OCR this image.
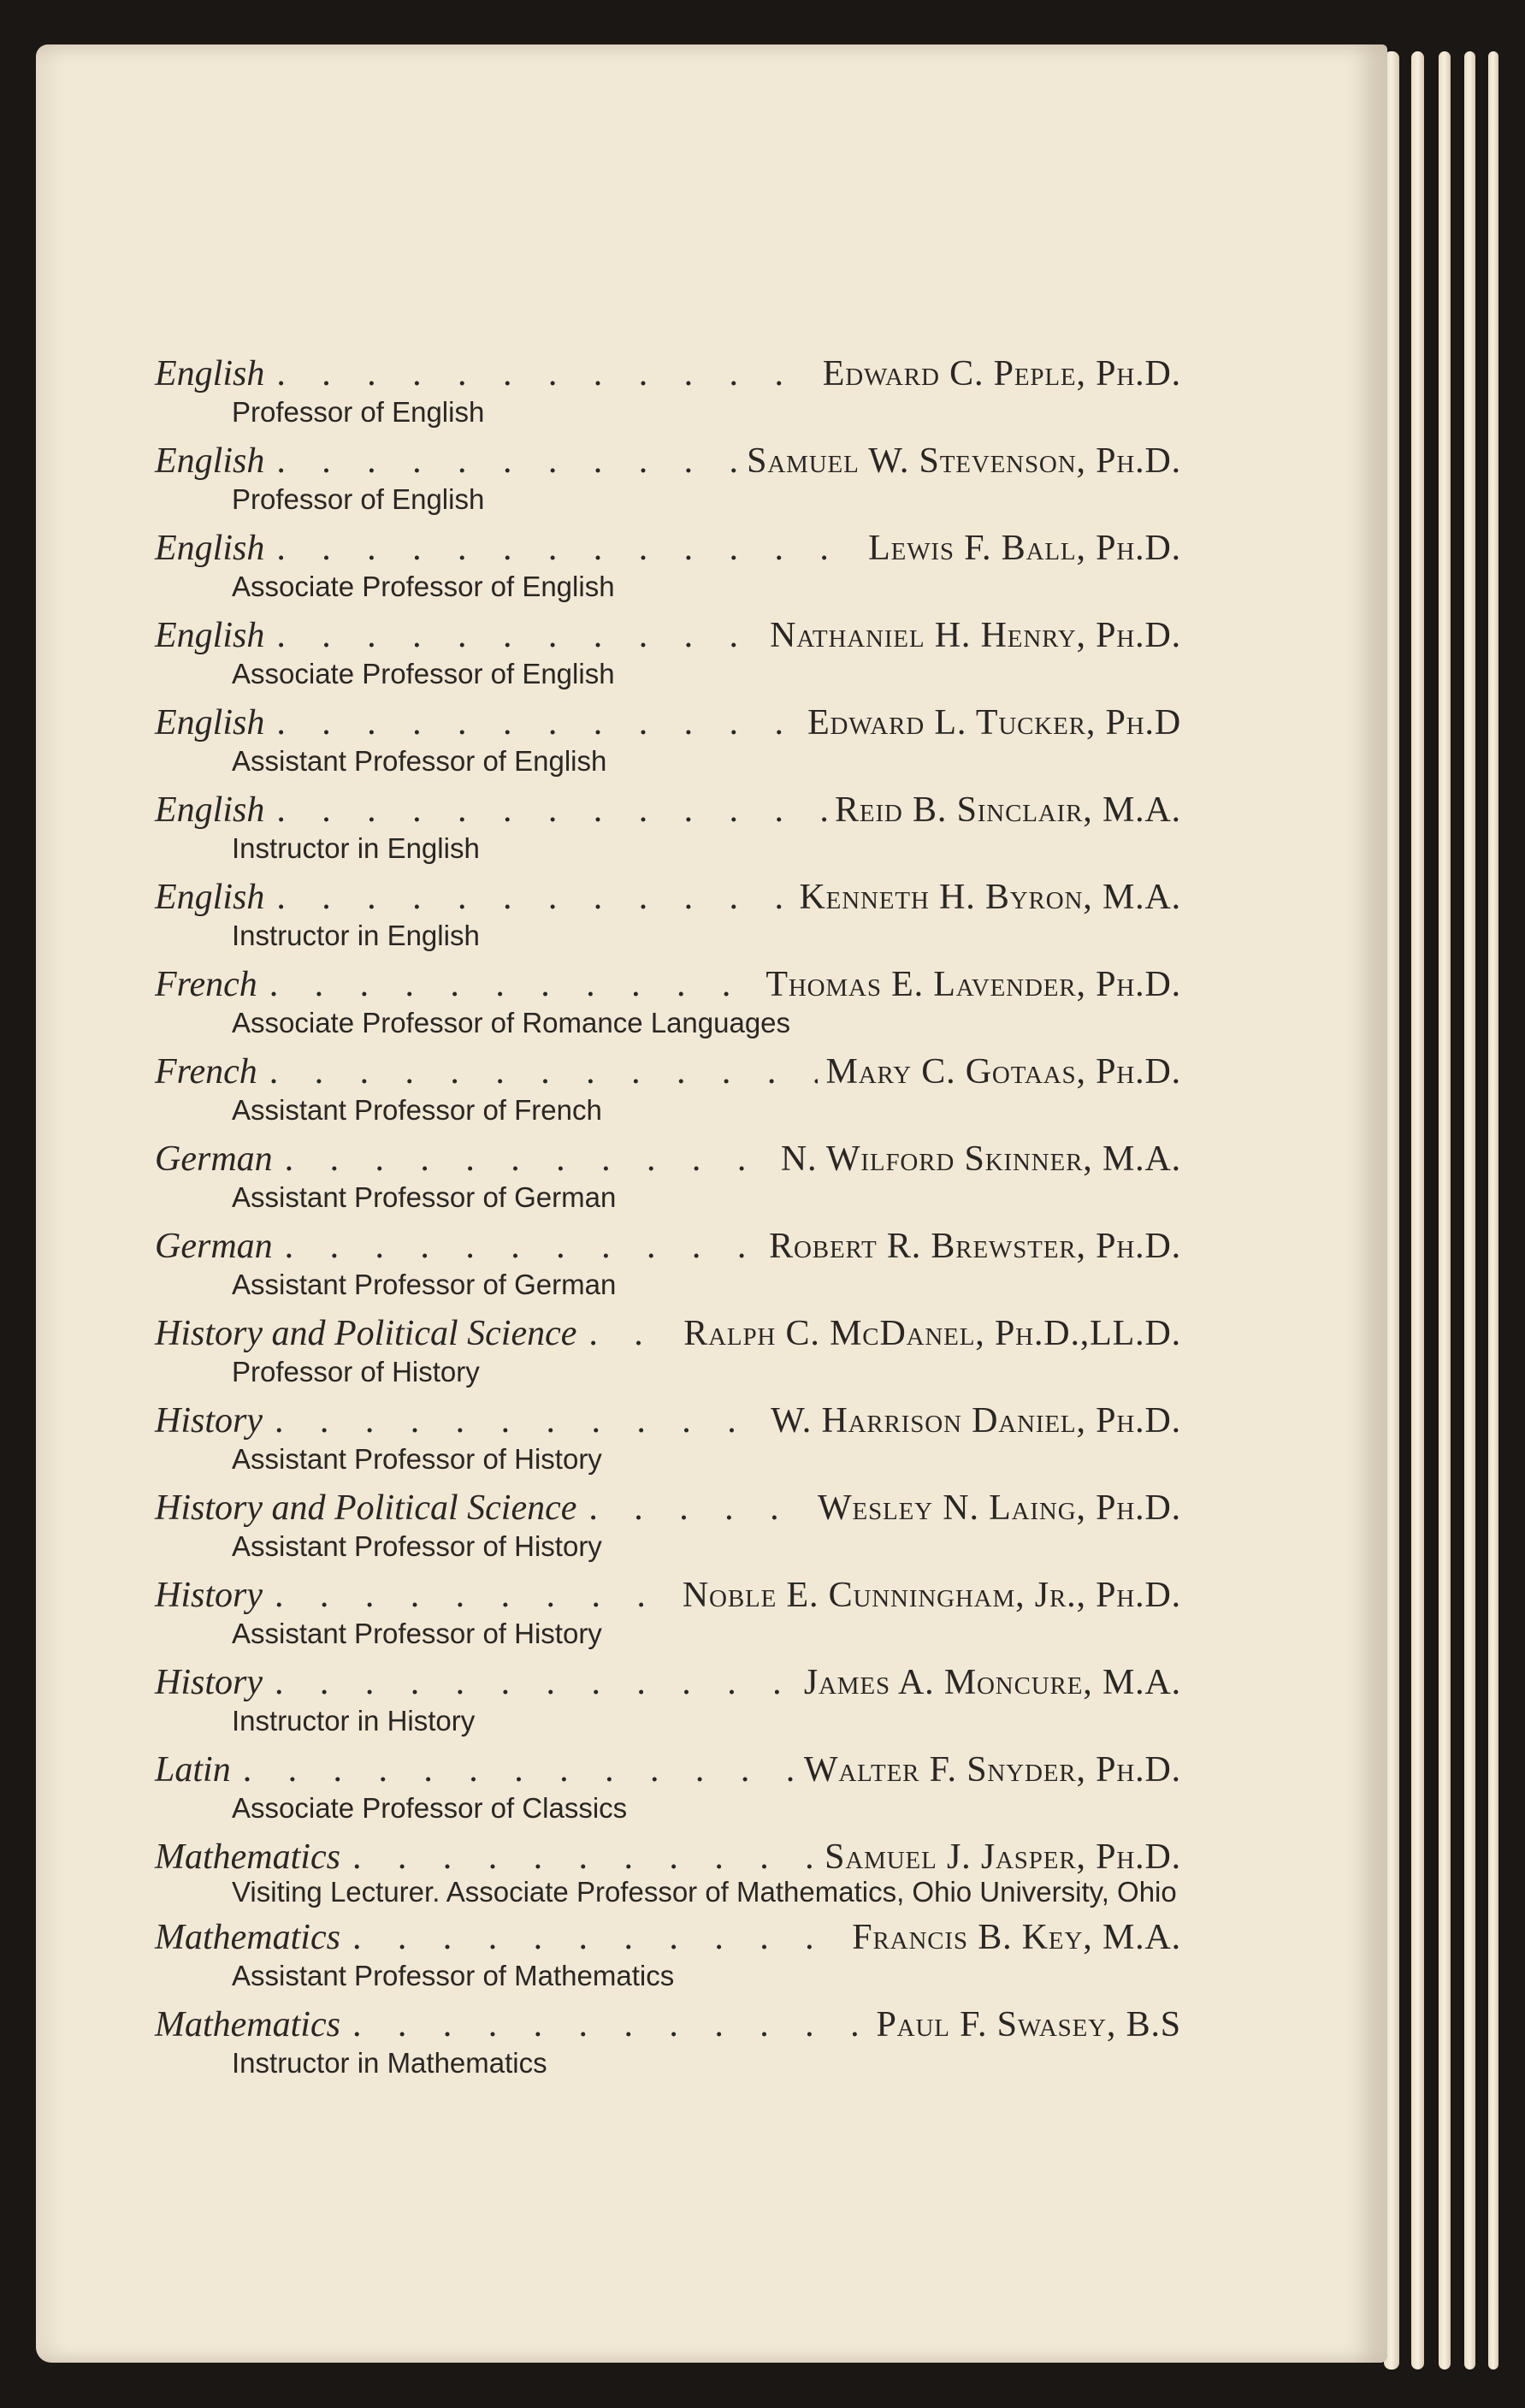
English . . .	Edward C. Peple, Ph.D.
Professor of English
English . . .	Samuel W. Stevenson, Ph.D.
Professor of English
English . . .	Lewis F. Ball, Ph.D.
Associate Professor of English
English . . .	Nathaniel H. Henry, Ph.D.
Associate Professor of English
English . . .	Edward L. Tucker, Ph.D
Assistant Professor of English
English . . .	Reid B. Sinclair, M.A.
Instructor in English
English . . .	Kenneth H. Byron, M.A.
Instructor in English
French . . .	Thomas E. Lavender, Ph.D.
Associate Professor of Romance Languages
French . . .	Mary C. Gotaas, Ph.D.
Assistant Professor of French
German . . .	N. Wilford Skinner, M.A.
Assistant Professor of German
German . . .	Robert R. Brewster, Ph.D.
Assistant Professor of German
History and Political Science . . .	Ralph C. McDanel, Ph.D.,LL.D.
Professor of History
History . . .	W. Harrison Daniel, Ph.D.
Assistant Professor of History
History and Political Science . . .	Wesley N. Laing, Ph.D.
Assistant Professor of History
History . . .	Noble E. Cunningham, Jr., Ph.D.
Assistant Professor of History
History . . .	James A. Moncure, M.A.
Instructor in History
Latin . . .	Walter F. Snyder, Ph.D.
Associate Professor of Classics
Mathematics . . .	Samuel J. Jasper, Ph.D.
Visiting Lecturer. Associate Professor of Mathematics, Ohio University, Ohio
Mathematics . . .	Francis B. Key, M.A.
Assistant Professor of Mathematics
Mathematics . . .	Paul F. Swasey, B.S
Instructor in Mathematics
